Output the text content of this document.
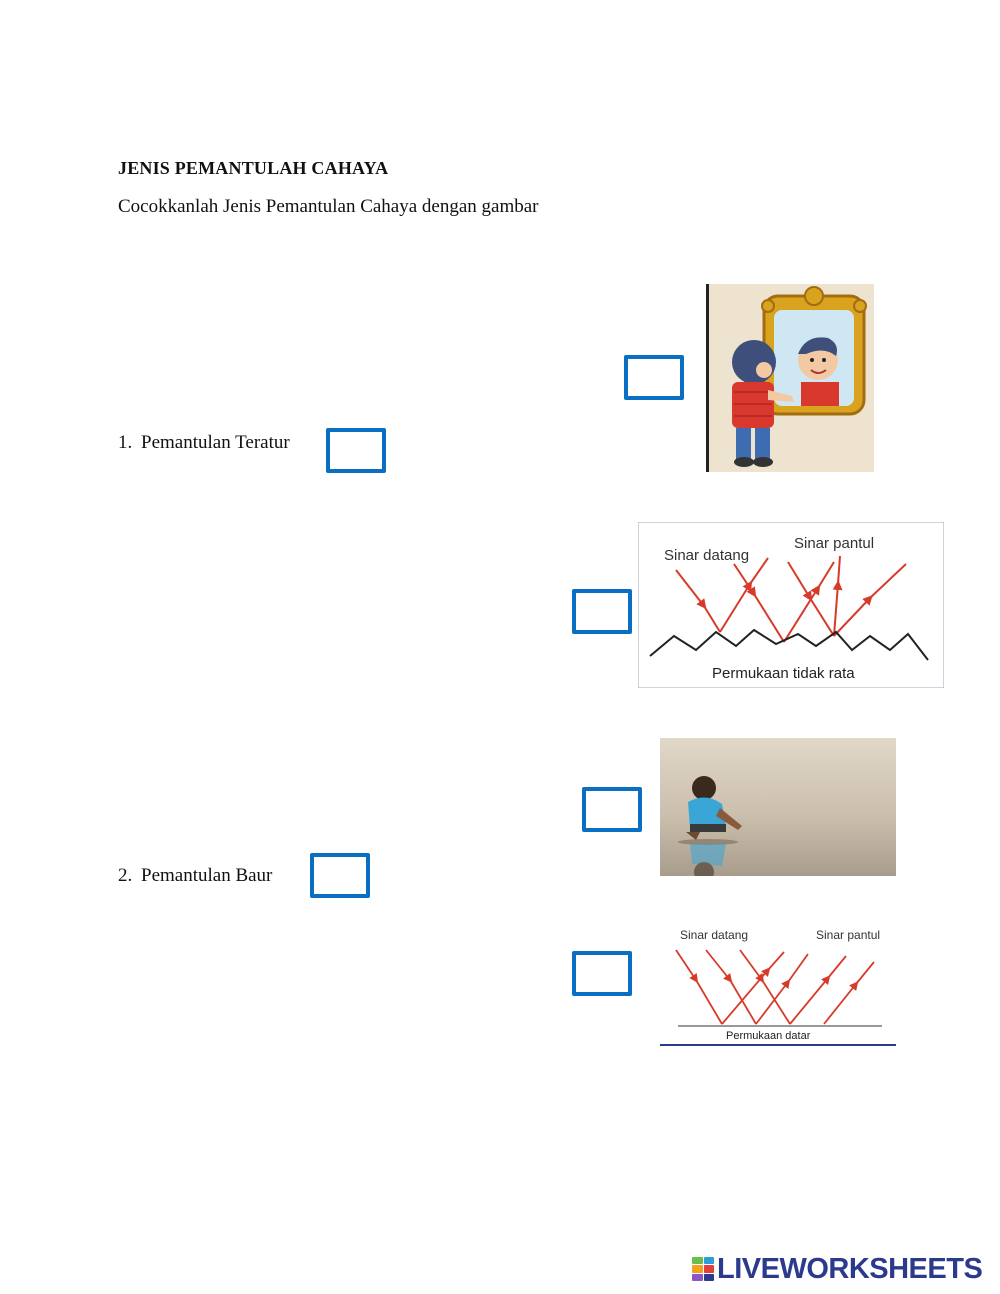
JENIS PEMANTULAH CAHAYA
Cocokkanlah Jenis Pemantulan Cahaya dengan gambar
1. Pemantulan Teratur
2. Pemantulan Baur
Sinar datang
Sinar pantul
Permukaan tidak rata
Sinar datang	Sinar pantul
Permukaan datar
LIVEWORKSHEETS
